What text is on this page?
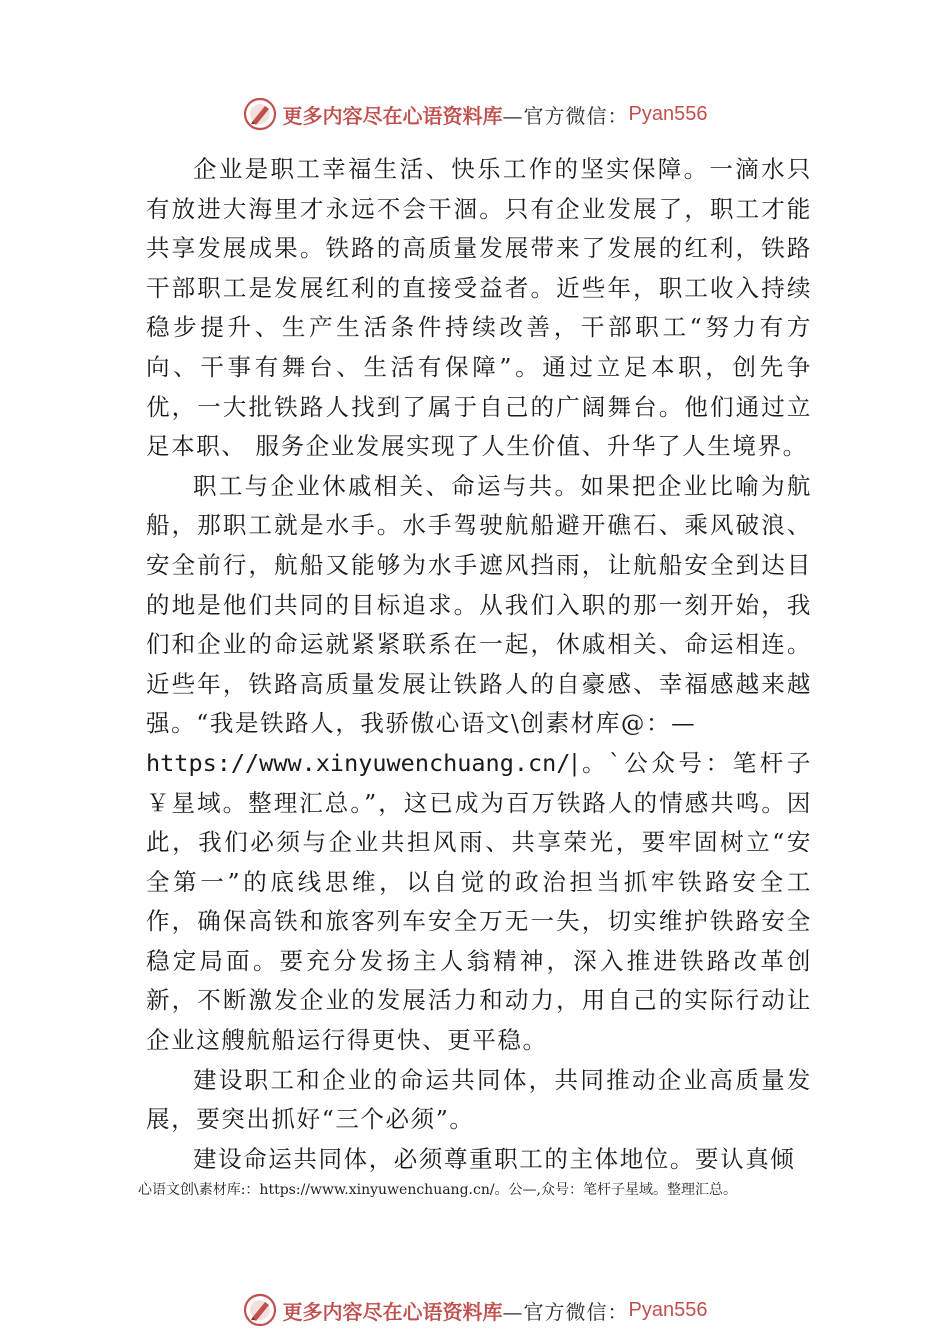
更多内容尽在心语资料库 —官方微信： Pyan556

企业是职工幸福生活、快乐工作的坚实保障。一滴水只有放进大海里才永远不会干涸。只有企业发展了，职工才能共享发展成果。铁路的高质量发展带来了发展的红利，铁路干部职工是发展红利的直接受益者。近些年，职工收入持续稳步提升、生产生活条件持续改善，干部职工“努力有方向、干事有舞台、生活有保障”。通过立足本职，创先争优，一大批铁路人找到了属于自己的广阔舞台。他们通过立足本职、 服务企业发展实现了人生价值、升华了人生境界。

职工与企业休戚相关、命运与共。如果把企业比喻为航船，那职工就是水手。水手驾驶航船避开礁石、乘风破浪、安全前行，航船又能够为水手遮风挡雨，让航船安全到达目的地是他们共同的目标追求。从我们入职的那一刻开始，我们和企业的命运就紧紧联系在一起，休戚相关、命运相连。近些年，铁路高质量发展让铁路人的自豪感、幸福感越来越强。“我是铁路人，我骄傲心语文\创素材库@：—
https://www.xinyuwenchuang.cn/|。`公众号：笔杆子￥星域。整理汇总。”，这已成为百万铁路人的情感共鸣。因此，我们必须与企业共担风雨、共享荣光，要牢固树立“安全第一”的底线思维，以自觉的政治担当抓牢铁路安全工作，确保高铁和旅客列车安全万无一失，切实维护铁路安全稳定局面。要充分发扬主人翁精神，深入推进铁路改革创新，不断激发企业的发展活力和动力，用自己的实际行动让企业这艘航船运行得更快、更平稳。

建设职工和企业的命运共同体，共同推动企业高质量发展，要突出抓好“三个必须”。

建设命运共同体，必须尊重职工的主体地位。要认真倾

心语文创\素材库:：https://www.xinyuwenchuang.cn/。公—,众号：笔杆子星域。整理汇总。
更多内容尽在心语资料库 —官方微信： Pyan556
